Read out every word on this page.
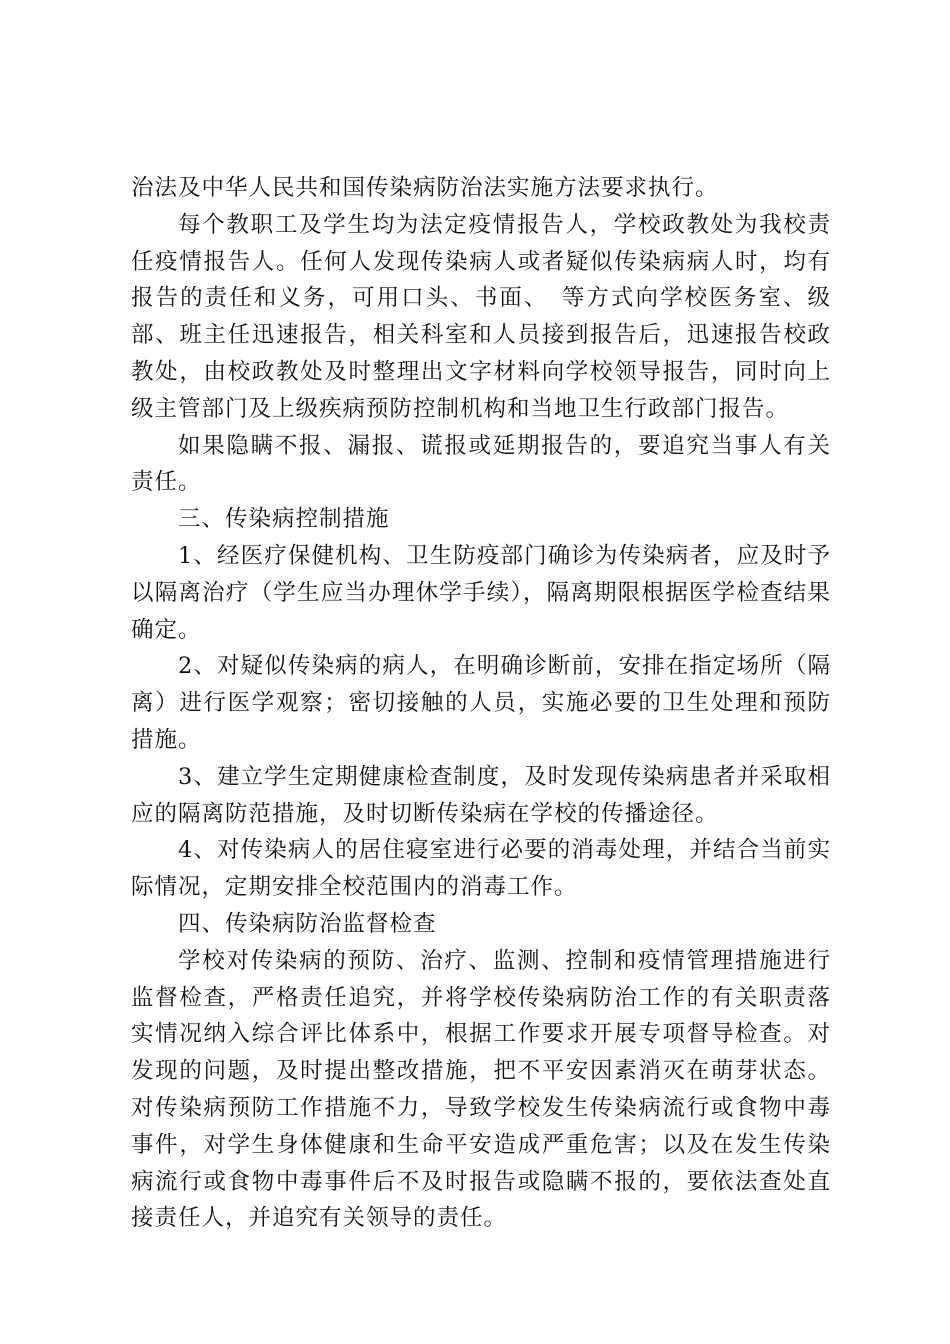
治法及中华人民共和国传染病防治法实施方法要求执行。

每个教职工及学生均为法定疫情报告人，学校政教处为我校责任疫情报告人。任何人发现传染病人或者疑似传染病病人时，均有报告的责任和义务，可用口头、书面、　等方式向学校医务室、级部、班主任迅速报告，相关科室和人员接到报告后，迅速报告校政教处，由校政教处及时整理出文字材料向学校领导报告，同时向上级主管部门及上级疾病预防控制机构和当地卫生行政部门报告。

如果隐瞒不报、漏报、谎报或延期报告的，要追究当事人有关责任。

三、传染病控制措施

1、经医疗保健机构、卫生防疫部门确诊为传染病者，应及时予以隔离治疗（学生应当办理休学手续），隔离期限根据医学检查结果确定。

2、对疑似传染病的病人，在明确诊断前，安排在指定场所（隔离）进行医学观察；密切接触的人员，实施必要的卫生处理和预防措施。

3、建立学生定期健康检查制度，及时发现传染病患者并采取相应的隔离防范措施，及时切断传染病在学校的传播途径。

4、对传染病人的居住寝室进行必要的消毒处理，并结合当前实际情况，定期安排全校范围内的消毒工作。

四、传染病防治监督检查

学校对传染病的预防、治疗、监测、控制和疫情管理措施进行监督检查，严格责任追究，并将学校传染病防治工作的有关职责落实情况纳入综合评比体系中，根据工作要求开展专项督导检查。对发现的问题，及时提出整改措施，把不平安因素消灭在萌芽状态。对传染病预防工作措施不力，导致学校发生传染病流行或食物中毒事件，对学生身体健康和生命平安造成严重危害；以及在发生传染病流行或食物中毒事件后不及时报告或隐瞒不报的，要依法查处直接责任人，并追究有关领导的责任。
